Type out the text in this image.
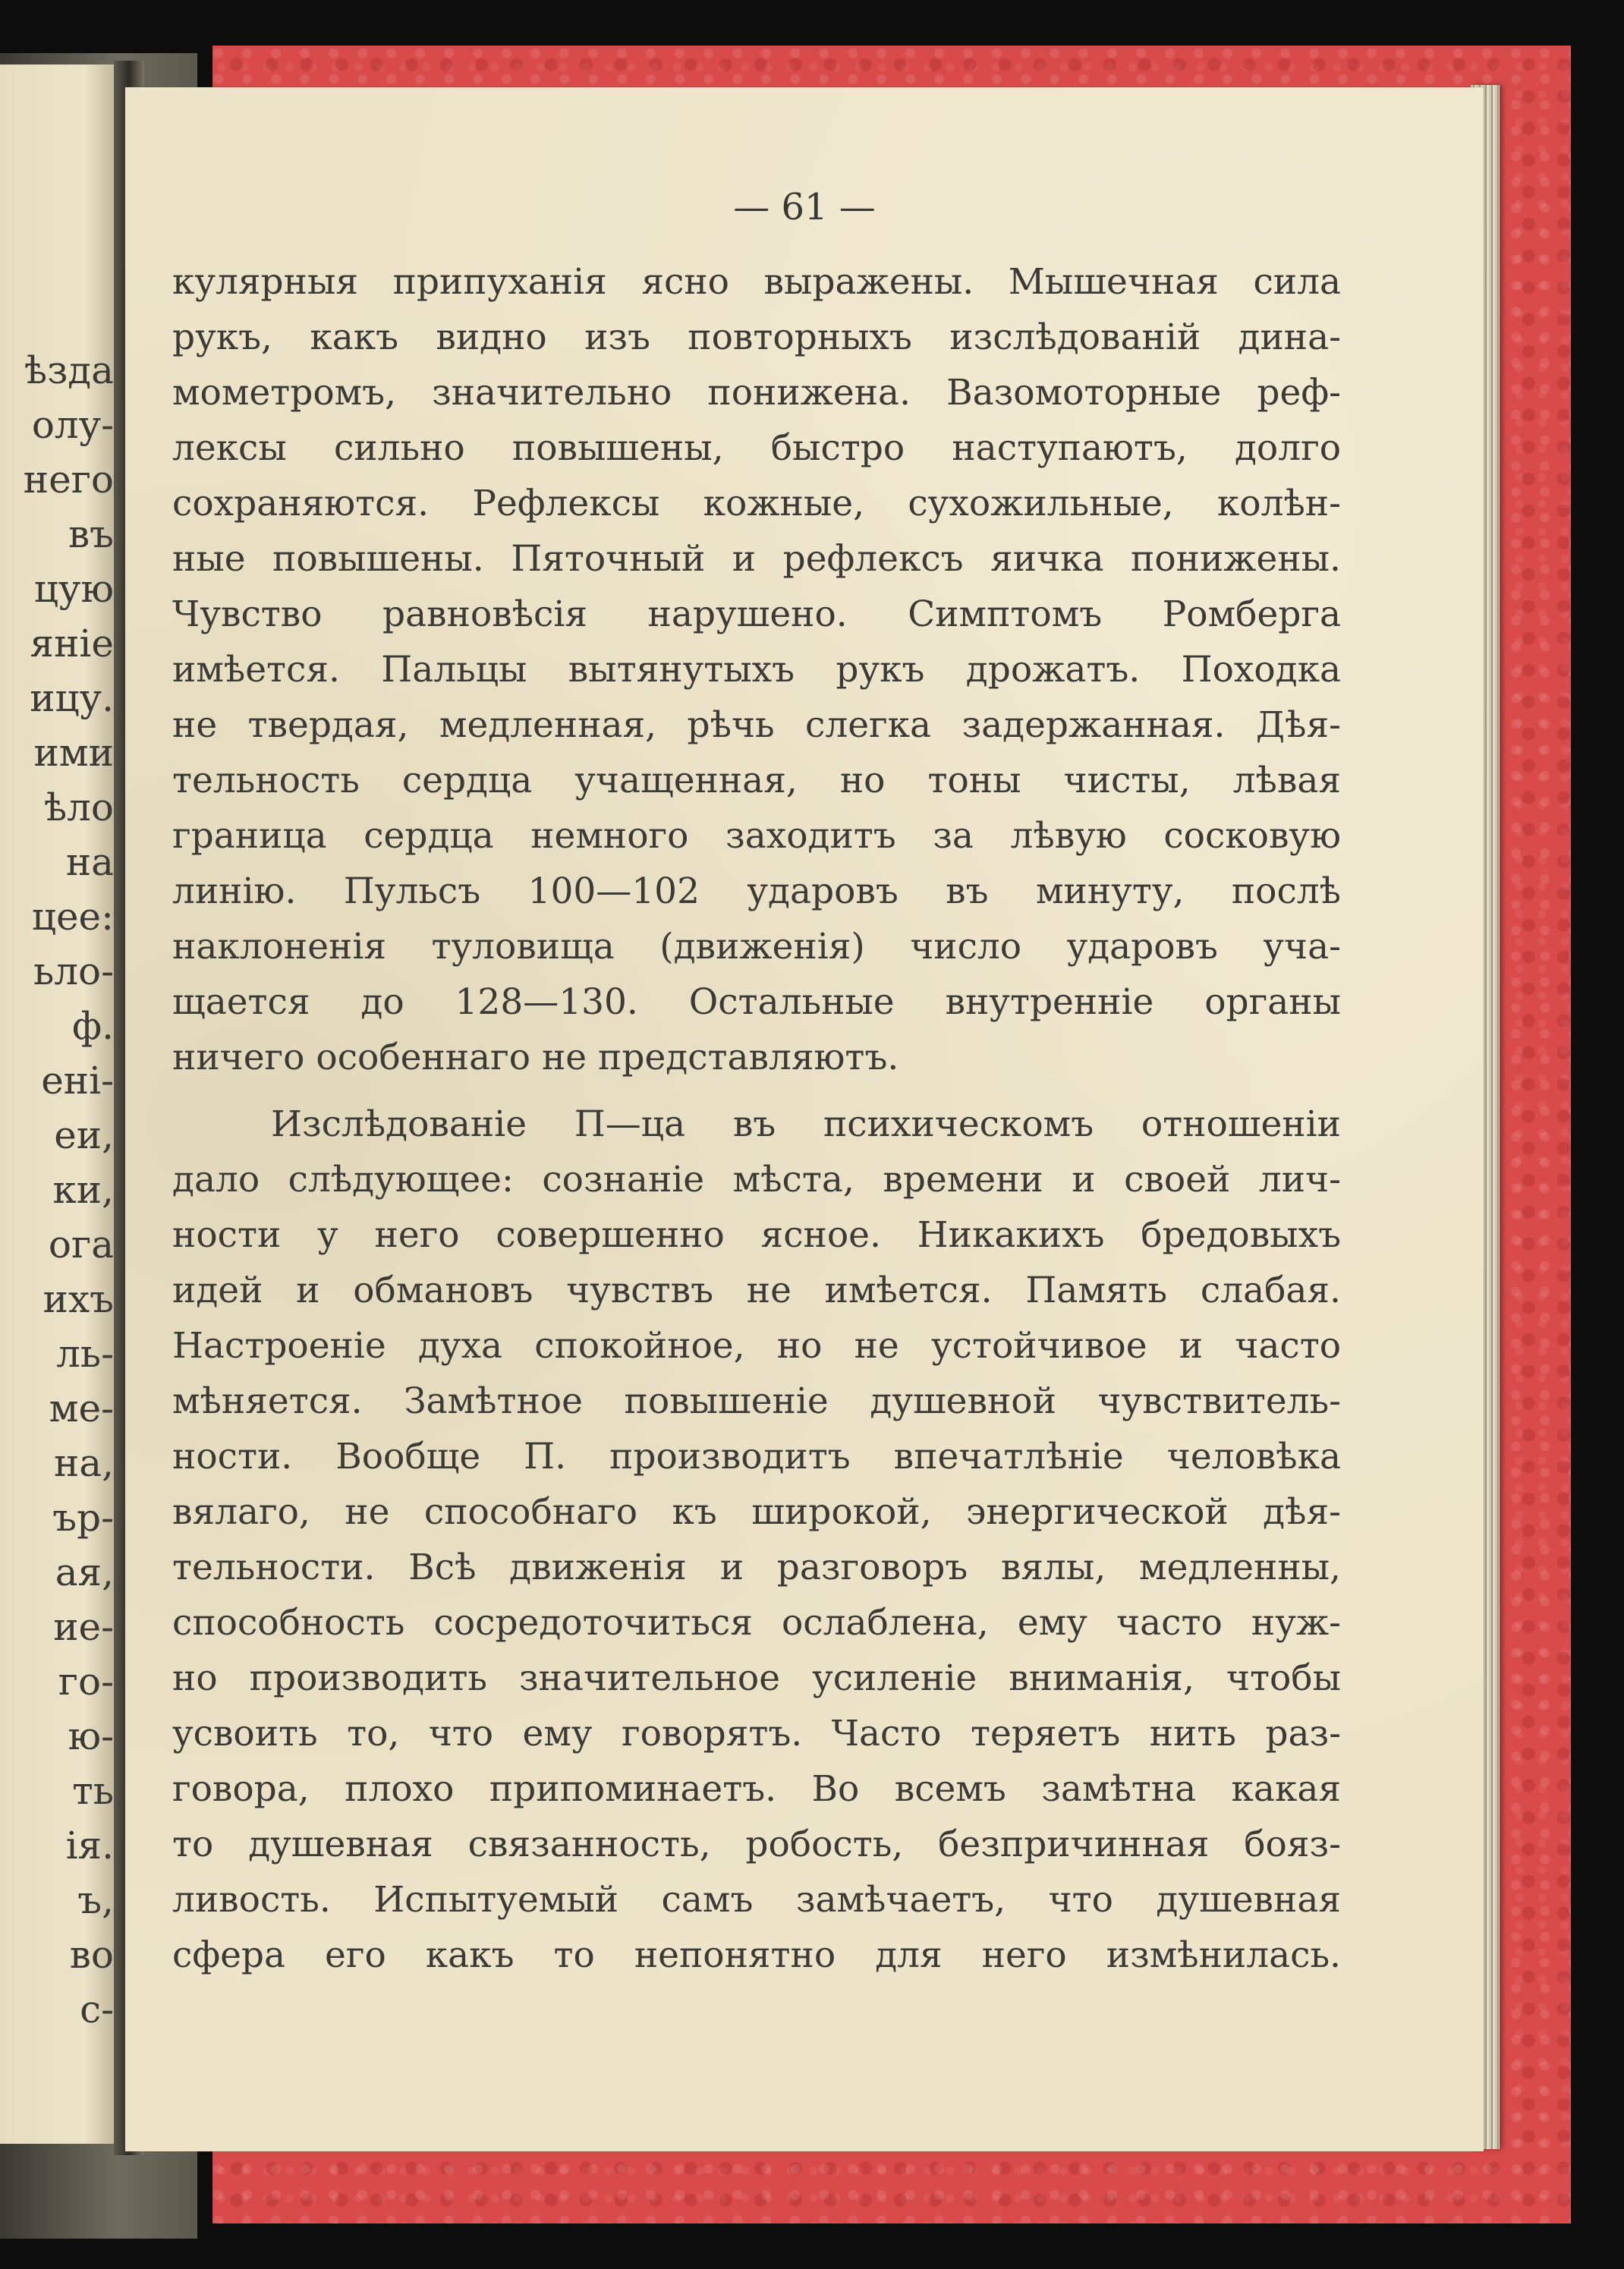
ѣзда
олу-
него
въ
цую
яніе
ицу.
ими
ѣло
на
цее:
ьло-
ф.
ені-
еи,
ки,
ога
ихъ
ль-
ме-
на,
ър-
ая,
ие-
го-
ю-
ть
ія.
ъ,
во
с-
— 61 —
кулярныя припуханія ясно выражены. Мышечная сила
рукъ, какъ видно изъ повторныхъ изслѣдованій дина-
мометромъ, значительно понижена. Вазомоторные реф-
лексы сильно повышены, быстро наступаютъ, долго
сохраняются. Рефлексы кожные, сухожильные, колѣн-
ные повышены. Пяточный и рефлексъ яичка понижены.
Чувство равновѣсія нарушено. Симптомъ Ромберга
имѣется. Пальцы вытянутыхъ рукъ дрожатъ. Походка
не твердая, медленная, рѣчь слегка задержанная. Дѣя-
тельность сердца учащенная, но тоны чисты, лѣвая
граница сердца немного заходитъ за лѣвую сосковую
линію. Пульсъ 100—102 ударовъ въ минуту, послѣ
наклоненія туловища (движенія) число ударовъ уча-
щается до 128—130. Остальные внутренніе органы
ничего особеннаго не представляютъ.
Изслѣдованіе П—ца въ психическомъ отношеніи
дало слѣдующее: сознаніе мѣста, времени и своей лич-
ности у него совершенно ясное. Никакихъ бредовыхъ
идей и обмановъ чувствъ не имѣется. Память слабая.
Настроеніе духа спокойное, но не устойчивое и часто
мѣняется. Замѣтное повышеніе душевной чувствитель-
ности. Вообще П. производитъ впечатлѣніе человѣка
вялаго, не способнаго къ широкой, энергической дѣя-
тельности. Всѣ движенія и разговоръ вялы, медленны,
способность сосредоточиться ослаблена, ему часто нуж-
но производить значительное усиленіе вниманія, чтобы
усвоить то, что ему говорятъ. Часто теряетъ нить раз-
говора, плохо припоминаетъ. Во всемъ замѣтна какая
то душевная связанность, робость, безпричинная бояз-
ливость. Испытуемый самъ замѣчаетъ, что душевная
сфера его какъ то непонятно для него измѣнилась.
